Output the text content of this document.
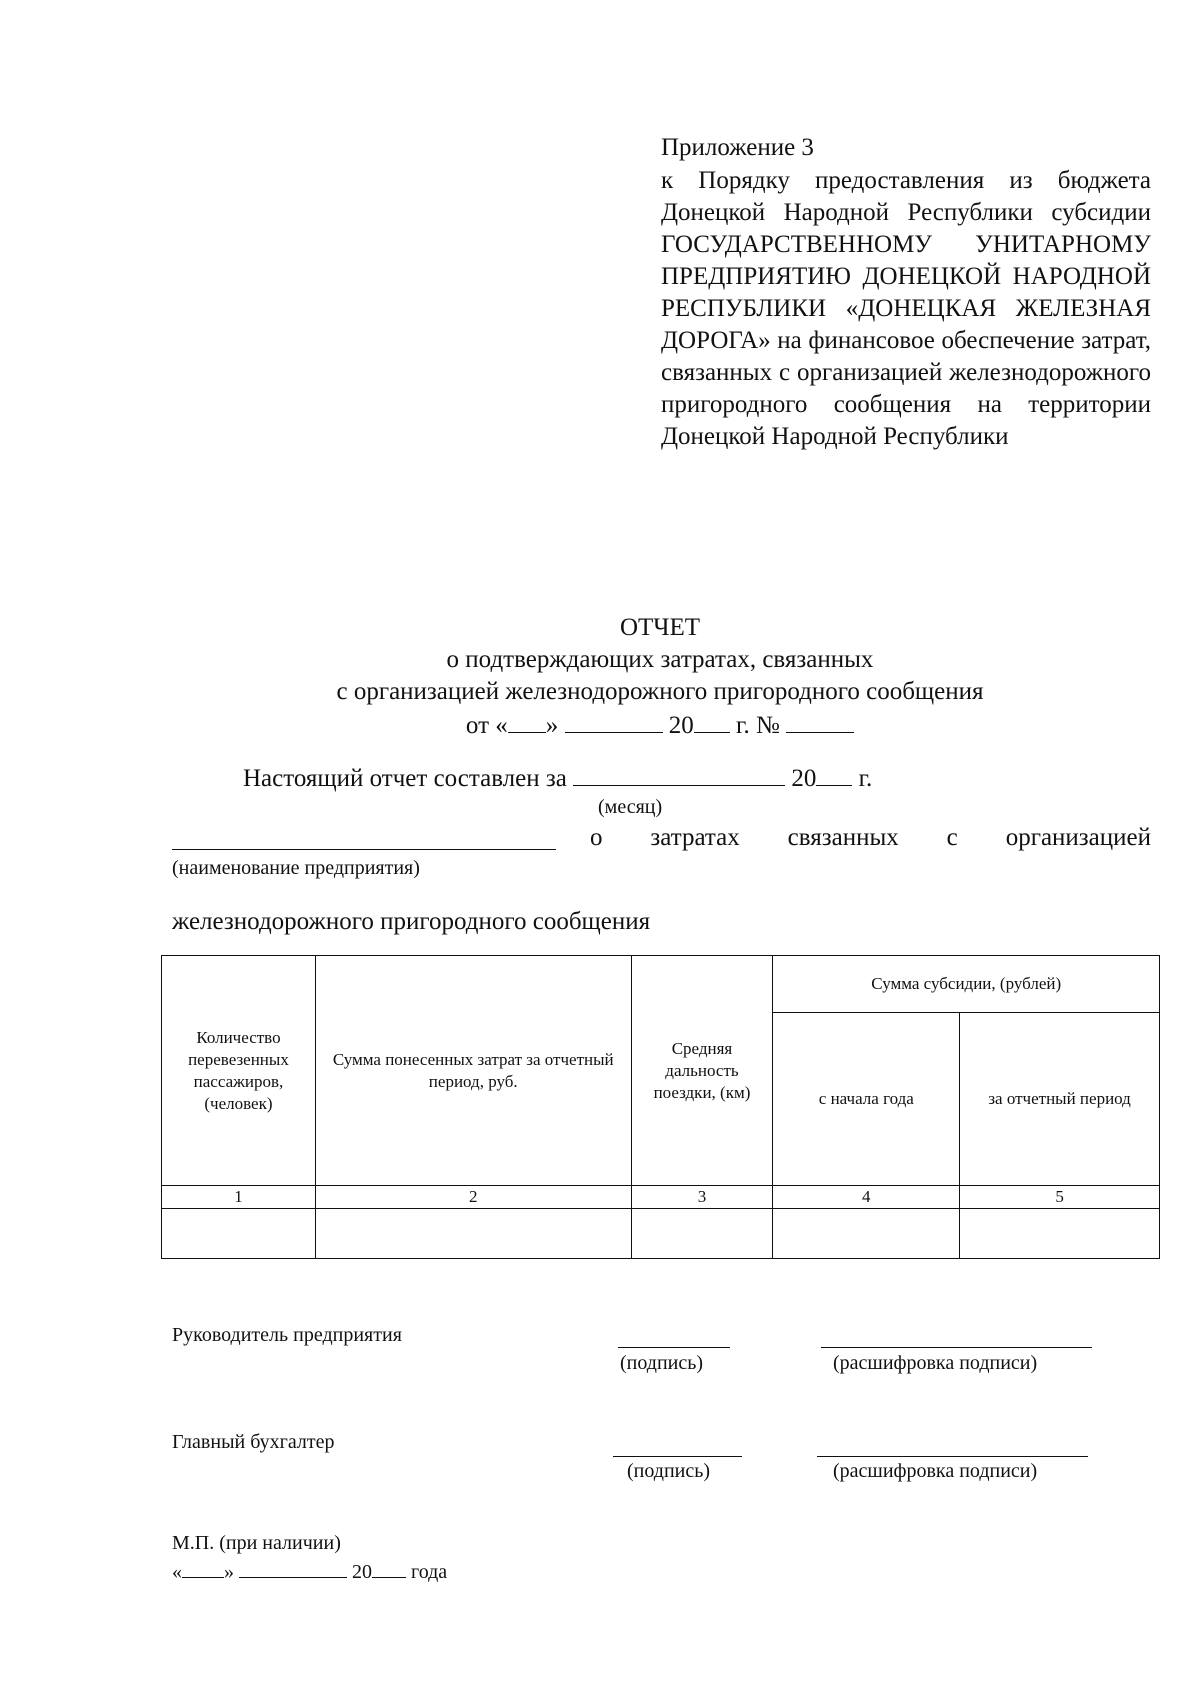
Приложение 3
к Порядку предоставления из бюджета Донецкой Народной Республики субсидии ГОСУДАРСТВЕННОМУ УНИТАРНОМУ ПРЕДПРИЯТИЮ ДОНЕЦКОЙ НАРОДНОЙ РЕСПУБЛИКИ «ДОНЕЦКАЯ ЖЕЛЕЗНАЯ ДОРОГА» на финансовое обеспечение затрат, связанных с организацией железнодорожного пригородного сообщения на территории Донецкой Народной Республики
ОТЧЕТ
о подтверждающих затратах, связанных
с организацией железнодорожного пригородного сообщения
от « »	20 г. №
Настоящий отчет составлен за	20 г.
(месяц)
о затратах связанных с организацией
(наименование предприятия)
железнодорожного пригородного сообщения
Количество перевезенных пассажиров, (человек)	Сумма понесенных затрат за отчетный период, руб.	Средняя дальность поездки, (км)	Сумма субсидии, (рублей)	
			с начала года	за отчетный период
1	2	3	4	5

Руководитель предприятия
(подпись)	(расшифровка подписи)
Главный бухгалтер
(подпись)	(расшифровка подписи)
М.П. (при наличии)
« »	20 года
